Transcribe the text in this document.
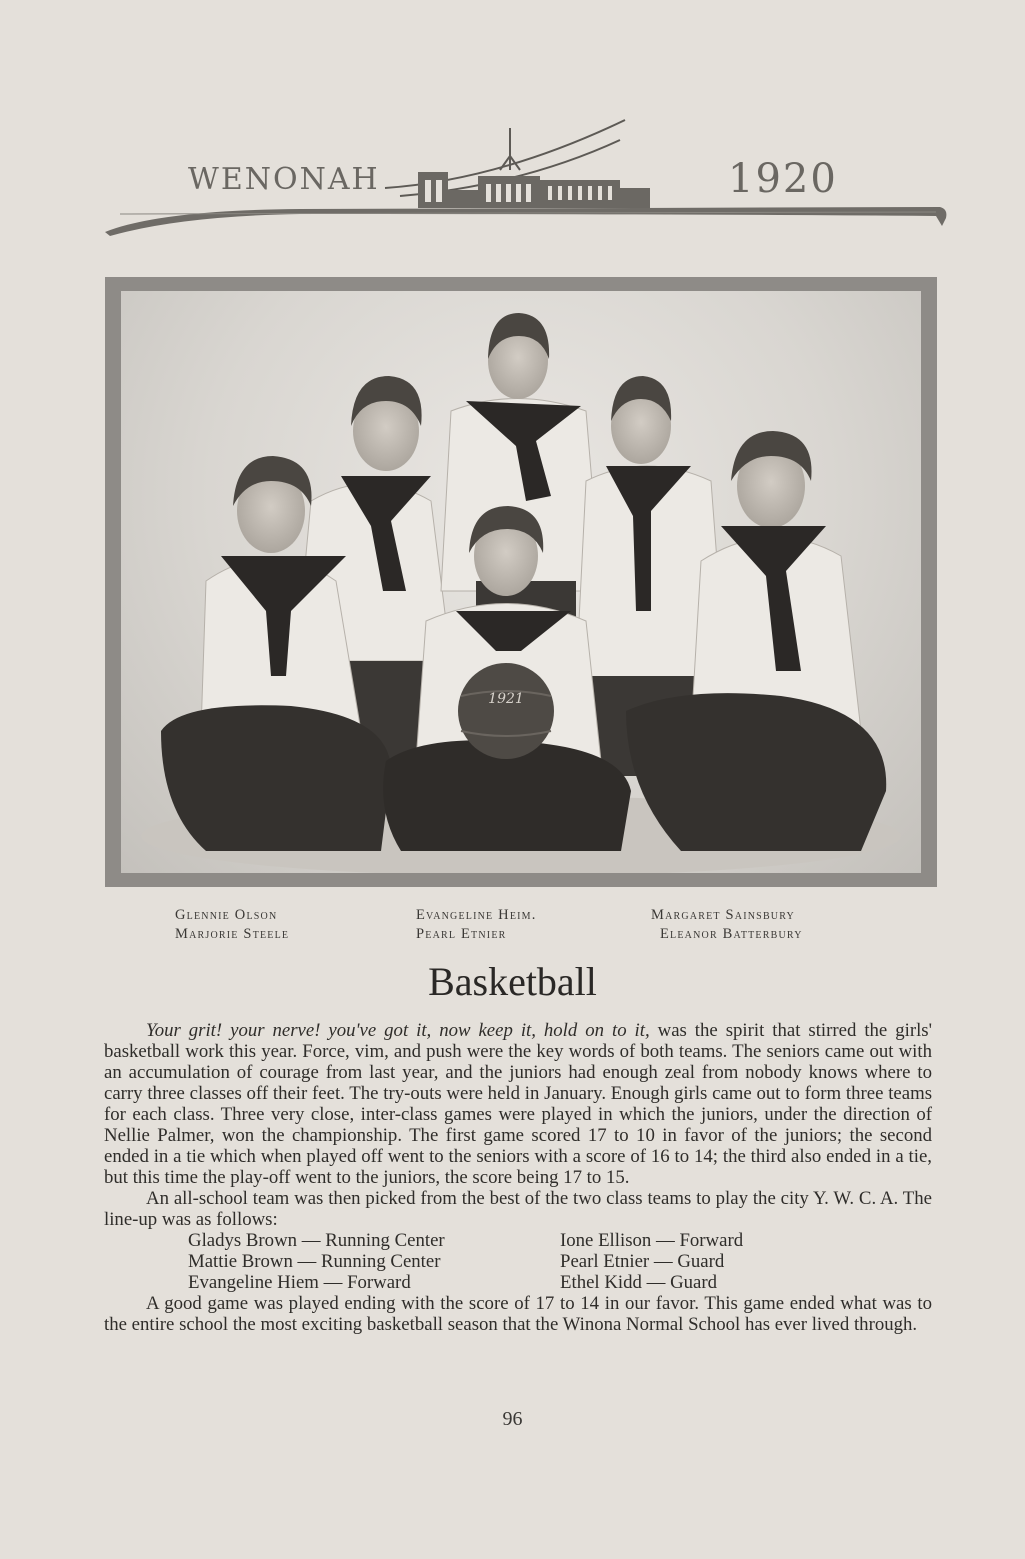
WENONAH	1920
1921
Glennie Olson
Marjorie Steele
Evangeline Heim.
Pearl Etnier
Margaret Sainsbury
Eleanor Batterbury
Basketball

Your grit! your nerve! you've got it, now keep it, hold on to it, was the spirit that stirred the girls' basketball work this year. Force, vim, and push were the key words of both teams. The seniors came out with an accumulation of courage from last year, and the juniors had enough zeal from nobody knows where to carry three classes off their feet. The try-outs were held in January. Enough girls came out to form three teams for each class. Three very close, inter-class games were played in which the juniors, under the direction of Nellie Palmer, won the championship. The first game scored 17 to 10 in favor of the juniors; the second ended in a tie which when played off went to the seniors with a score of 16 to 14; the third also ended in a tie, but this time the play-off went to the juniors, the score being 17 to 15.

An all-school team was then picked from the best of the two class teams to play the city Y. W. C. A. The line-up was as follows:

Gladys Brown — Running Center
Mattie Brown — Running Center
Evangeline Hiem — Forward
Ione Ellison — Forward
Pearl Etnier — Guard
Ethel Kidd — Guard

A good game was played ending with the score of 17 to 14 in our favor. This game ended what was to the entire school the most exciting basketball season that the Winona Normal School has ever lived through.

96
